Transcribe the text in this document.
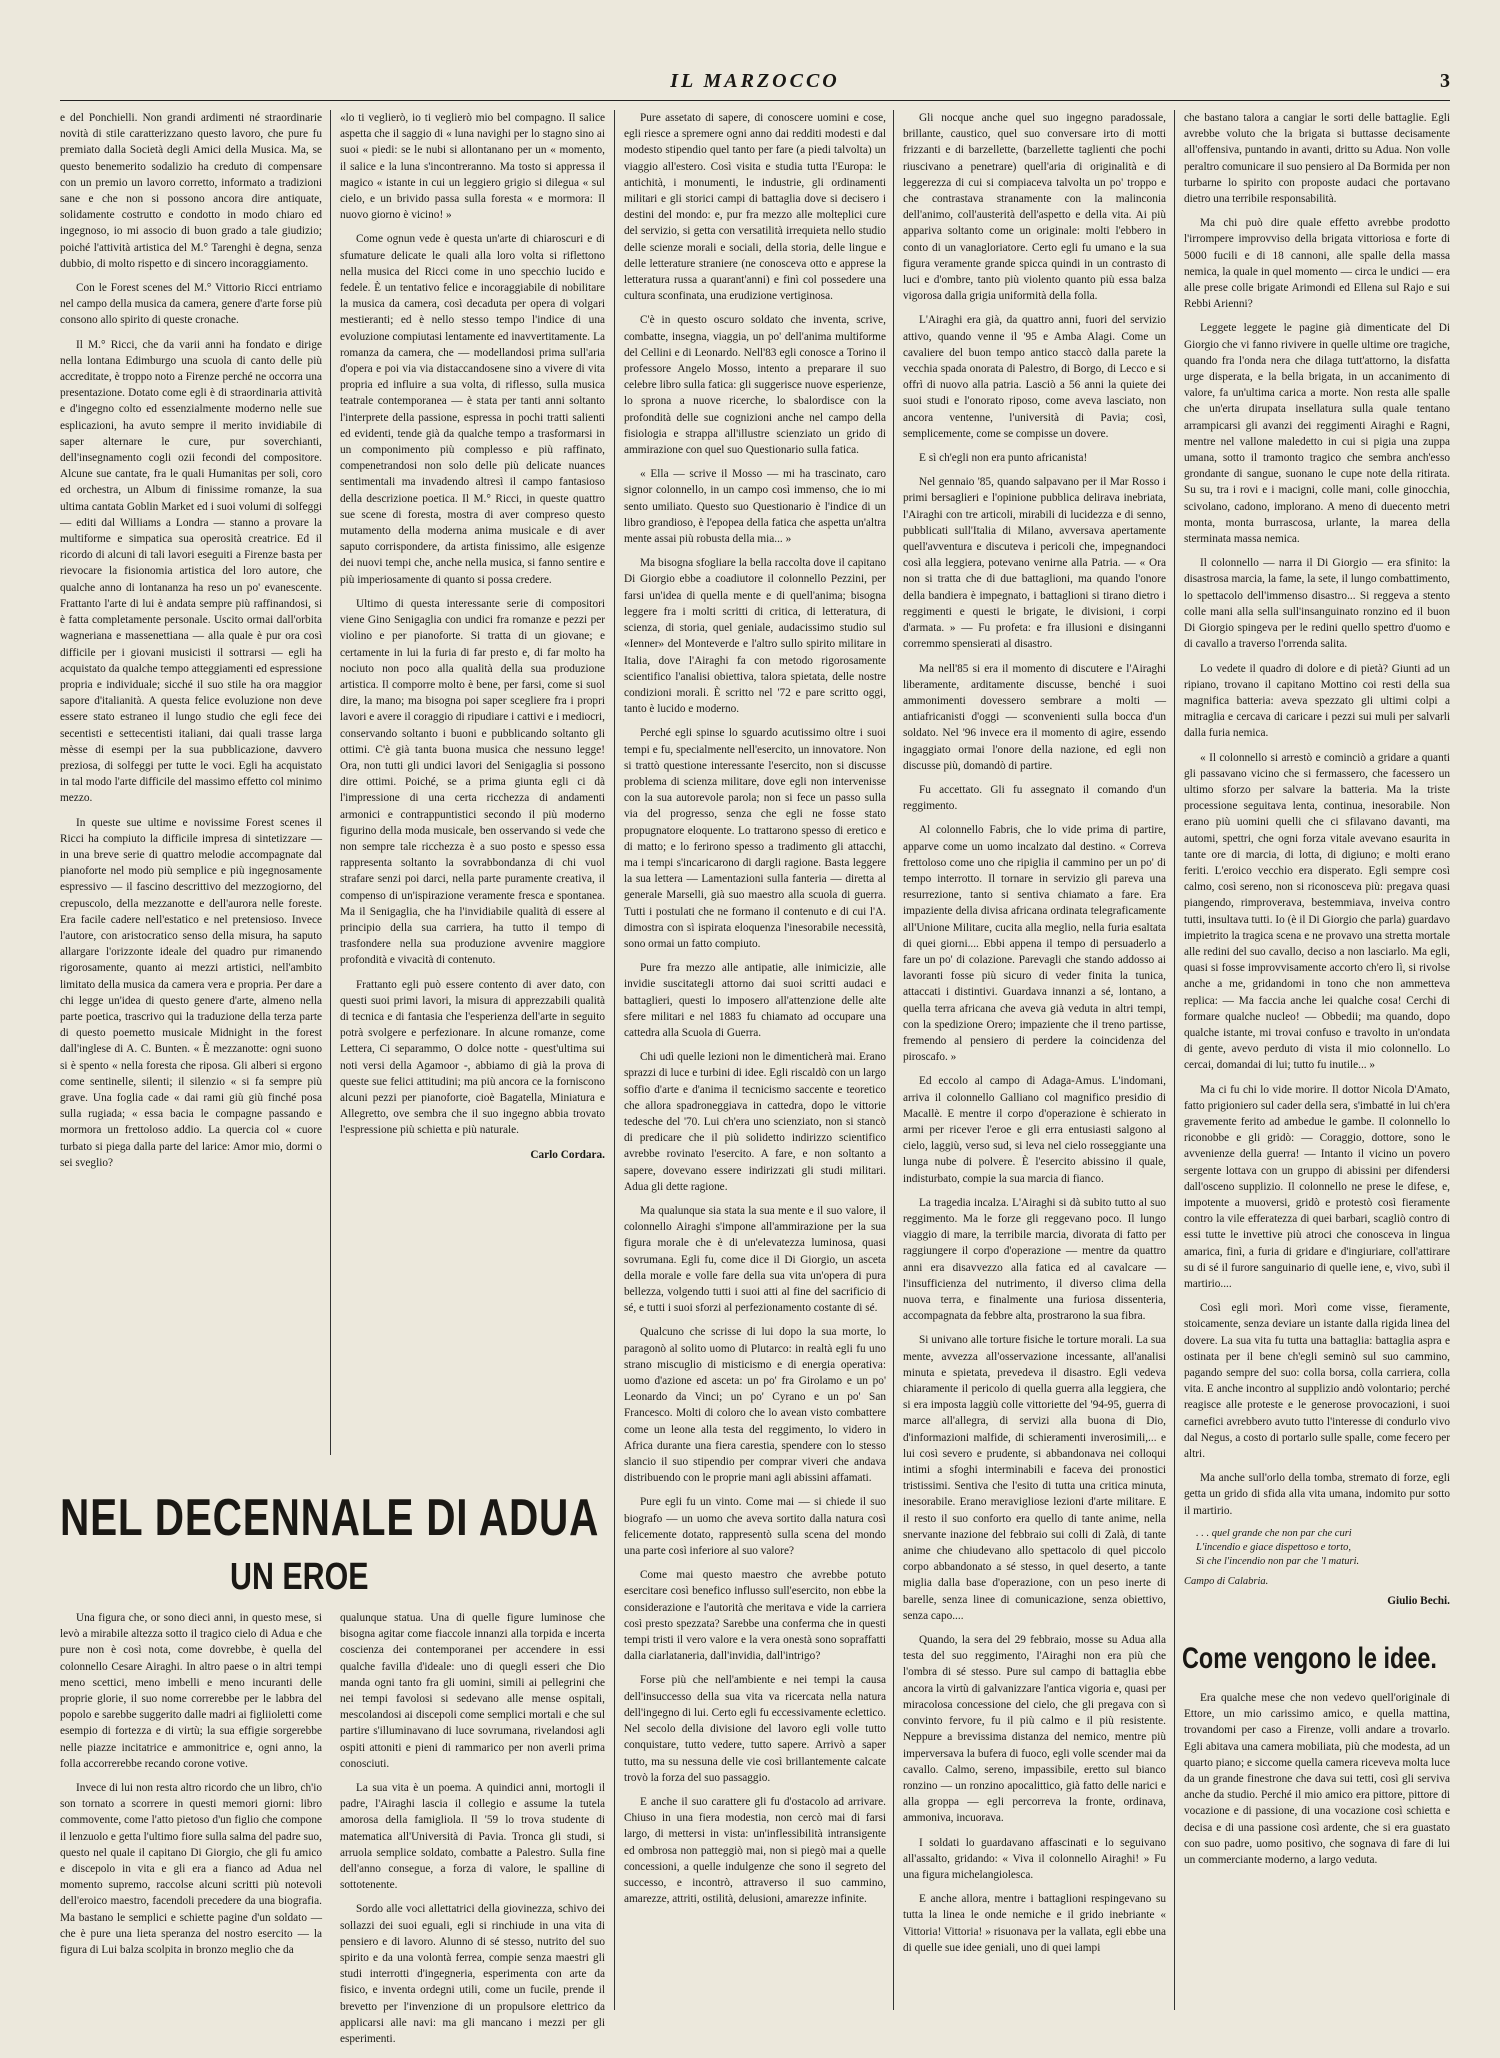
IL MARZOCCO	3

e del Ponchielli. Non grandi ardimenti né straordinarie novità di stile caratterizzano questo lavoro, che pure fu premiato dalla Società degli Amici della Musica. Ma, se questo benemerito sodalizio ha creduto di compensare con un premio un lavoro corretto, informato a tradizioni sane e che non si possono ancora dire antiquate, solidamente costrutto e condotto in modo chiaro ed ingegnoso, io mi associo di buon grado a tale giudizio; poiché l'attività artistica del M.° Tarenghi è degna, senza dubbio, di molto rispetto e di sincero incoraggiamento.

Con le Forest scenes del M.° Vittorio Ricci entriamo nel campo della musica da camera, genere d'arte forse più consono allo spirito di queste cronache.

Il M.° Ricci, che da varii anni ha fondato e dirige nella lontana Edimburgo una scuola di canto delle più accreditate, è troppo noto a Firenze perché ne occorra una presentazione. Dotato come egli è di straordinaria attività e d'ingegno colto ed essenzialmente moderno nelle sue esplicazioni, ha avuto sempre il merito invidiabile di saper alternare le cure, pur soverchianti, dell'insegnamento cogli ozii fecondi del compositore. Alcune sue cantate, fra le quali Humanitas per soli, coro ed orchestra, un Album di finissime romanze, la sua ultima cantata Goblin Market ed i suoi volumi di solfeggi — editi dal Williams a Londra — stanno a provare la multiforme e simpatica sua operosità creatrice. Ed il ricordo di alcuni di tali lavori eseguiti a Firenze basta per rievocare la fisionomia artistica del loro autore, che qualche anno di lontananza ha reso un po' evanescente. Frattanto l'arte di lui è andata sempre più raffinandosi, si è fatta completamente personale. Uscito ormai dall'orbita wagneriana e massenettiana — alla quale è pur ora così difficile per i giovani musicisti il sottrarsi — egli ha acquistato da qualche tempo atteggiamenti ed espressione propria e individuale; sicché il suo stile ha ora maggior sapore d'italianità. A questa felice evoluzione non deve essere stato estraneo il lungo studio che egli fece dei secentisti e settecentisti italiani, dai quali trasse larga mèsse di esempi per la sua pubblicazione, davvero preziosa, di solfeggi per tutte le voci. Egli ha acquistato in tal modo l'arte difficile del massimo effetto col minimo mezzo.

In queste sue ultime e novissime Forest scenes il Ricci ha compiuto la difficile impresa di sintetizzare — in una breve serie di quattro melodie accompagnate dal pianoforte nel modo più semplice e più ingegnosamente espressivo — il fascino descrittivo del mezzogiorno, del crepuscolo, della mezzanotte e dell'aurora nelle foreste. Era facile cadere nell'estatico e nel pretensioso. Invece l'autore, con aristocratico senso della misura, ha saputo allargare l'orizzonte ideale del quadro pur rimanendo rigorosamente, quanto ai mezzi artistici, nell'ambito limitato della musica da camera vera e propria. Per dare a chi legge un'idea di questo genere d'arte, almeno nella parte poetica, trascrivo qui la traduzione della terza parte di questo poemetto musicale Midnight in the forest dall'inglese di A. C. Bunten. « È mezzanotte: ogni suono si è spento « nella foresta che riposa. Gli alberi si ergono come sentinelle, silenti; il silenzio « si fa sempre più grave. Una foglia cade « dai rami giù giù finché posa sulla rugiada; « essa bacia le compagne passando e mormora un frettoloso addio. La quercia col « cuore turbato si piega dalla parte del larice: Amor mio, dormi o sei sveglio?

«lo ti veglierò, io ti veglierò mio bel compagno. Il salice aspetta che il saggio di « luna navighi per lo stagno sino ai suoi « piedi: se le nubi si allontanano per un « momento, il salice e la luna s'incontreranno. Ma tosto si appressa il magico « istante in cui un leggiero grigio si dilegua « sul cielo, e un brivido passa sulla foresta « e mormora: Il nuovo giorno è vicino! »

Come ognun vede è questa un'arte di chiaroscuri e di sfumature delicate le quali alla loro volta si riflettono nella musica del Ricci come in uno specchio lucido e fedele. È un tentativo felice e incoraggiabile di nobilitare la musica da camera, così decaduta per opera di volgari mestieranti; ed è nello stesso tempo l'indice di una evoluzione compiutasi lentamente ed inavvertitamente. La romanza da camera, che — modellandosi prima sull'aria d'opera e poi via via distaccandosene sino a vivere di vita propria ed influire a sua volta, di riflesso, sulla musica teatrale contemporanea — è stata per tanti anni soltanto l'interprete della passione, espressa in pochi tratti salienti ed evidenti, tende già da qualche tempo a trasformarsi in un componimento più complesso e più raffinato, compenetrandosi non solo delle più delicate nuances sentimentali ma invadendo altresì il campo fantasioso della descrizione poetica. Il M.° Ricci, in queste quattro sue scene di foresta, mostra di aver compreso questo mutamento della moderna anima musicale e di aver saputo corrispondere, da artista finissimo, alle esigenze dei nuovi tempi che, anche nella musica, si fanno sentire e più imperiosamente di quanto si possa credere.

Ultimo di questa interessante serie di compositori viene Gino Senigaglia con undici fra romanze e pezzi per violino e per pianoforte. Si tratta di un giovane; e certamente in lui la furia di far presto e, di far molto ha nociuto non poco alla qualità della sua produzione artistica. Il comporre molto è bene, per farsi, come si suol dire, la mano; ma bisogna poi saper scegliere fra i propri lavori e avere il coraggio di ripudiare i cattivi e i mediocri, conservando soltanto i buoni e pubblicando soltanto gli ottimi. C'è già tanta buona musica che nessuno legge! Ora, non tutti gli undici lavori del Senigaglia si possono dire ottimi. Poiché, se a prima giunta egli ci dà l'impressione di una certa ricchezza di andamenti armonici e contrappuntistici secondo il più moderno figurino della moda musicale, ben osservando si vede che non sempre tale ricchezza è a suo posto e spesso essa rappresenta soltanto la sovrabbondanza di chi vuol strafare senzi poi darci, nella parte puramente creativa, il compenso di un'ispirazione veramente fresca e spontanea. Ma il Senigaglia, che ha l'invidiabile qualità di essere al principio della sua carriera, ha tutto il tempo di trasfondere nella sua produzione avvenire maggiore profondità e vivacità di contenuto.

Frattanto egli può essere contento di aver dato, con questi suoi primi lavori, la misura di apprezzabili qualità di tecnica e di fantasia che l'esperienza dell'arte in seguito potrà svolgere e perfezionare. In alcune romanze, come Lettera, Ci separammo, O dolce notte - quest'ultima sui noti versi della Agamoor -, abbiamo di già la prova di queste sue felici attitudini; ma più ancora ce la forniscono alcuni pezzi per pianoforte, cioè Bagatella, Miniatura e Allegretto, ove sembra che il suo ingegno abbia trovato l'espressione più schietta e più naturale.

Carlo Cordara.

Pure assetato di sapere, di conoscere uomini e cose, egli riesce a spremere ogni anno dai redditi modesti e dal modesto stipendio quel tanto per fare (a piedi talvolta) un viaggio all'estero. Così visita e studia tutta l'Europa: le antichità, i monumenti, le industrie, gli ordinamenti militari e gli storici campi di battaglia dove si decisero i destini del mondo: e, pur fra mezzo alle molteplici cure del servizio, si getta con versatilità irrequieta nello studio delle scienze morali e sociali, della storia, delle lingue e delle letterature straniere (ne conosceva otto e apprese la letteratura russa a quarant'anni) e finì col possedere una cultura sconfinata, una erudizione vertiginosa.

C'è in questo oscuro soldato che inventa, scrive, combatte, insegna, viaggia, un po' dell'anima multiforme del Cellini e di Leonardo. Nell'83 egli conosce a Torino il professore Angelo Mosso, intento a preparare il suo celebre libro sulla fatica: gli suggerisce nuove esperienze, lo sprona a nuove ricerche, lo sbalordisce con la profondità delle sue cognizioni anche nel campo della fisiologia e strappa all'illustre scienziato un grido di ammirazione con quel suo Questionario sulla fatica.

« Ella — scrive il Mosso — mi ha trascinato, caro signor colonnello, in un campo così immenso, che io mi sento umiliato. Questo suo Questionario è l'indice di un libro grandioso, è l'epopea della fatica che aspetta un'altra mente assai più robusta della mia... »

Ma bisogna sfogliare la bella raccolta dove il capitano Di Giorgio ebbe a coadiutore il colonnello Pezzini, per farsi un'idea di quella mente e di quell'anima; bisogna leggere fra i molti scritti di critica, di letteratura, di scienza, di storia, quel geniale, audacissimo studio sul «Ienner» del Monteverde e l'altro sullo spirito militare in Italia, dove l'Airaghi fa con metodo rigorosamente scientifico l'analisi obiettiva, talora spietata, delle nostre condizioni morali. È scritto nel '72 e pare scritto oggi, tanto è lucido e moderno.

Perché egli spinse lo sguardo acutissimo oltre i suoi tempi e fu, specialmente nell'esercito, un innovatore. Non si trattò questione interessante l'esercito, non si discusse problema di scienza militare, dove egli non intervenisse con la sua autorevole parola; non si fece un passo sulla via del progresso, senza che egli ne fosse stato propugnatore eloquente. Lo trattarono spesso di eretico e di matto; e lo ferirono spesso a tradimento gli attacchi, ma i tempi s'incaricarono di dargli ragione. Basta leggere la sua lettera — Lamentazioni sulla fanteria — diretta al generale Marselli, già suo maestro alla scuola di guerra. Tutti i postulati che ne formano il contenuto e di cui l'A. dimostra con sì ispirata eloquenza l'inesorabile necessità, sono ormai un fatto compiuto.

Pure fra mezzo alle antipatie, alle inimicizie, alle invidie suscitategli attorno dai suoi scritti audaci e battaglieri, questi lo imposero all'attenzione delle alte sfere militari e nel 1883 fu chiamato ad occupare una cattedra alla Scuola di Guerra.

Chi udì quelle lezioni non le dimenticherà mai. Erano sprazzi di luce e turbini di idee. Egli riscaldò con un largo soffio d'arte e d'anima il tecnicismo saccente e teoretico che allora spadroneggiava in cattedra, dopo le vittorie tedesche del '70. Lui ch'era uno scienziato, non si stancò di predicare che il più solidetto indirizzo scientifico avrebbe rovinato l'esercito. A fare, e non soltanto a sapere, dovevano essere indirizzati gli studi militari. Adua gli dette ragione.

Ma qualunque sia stata la sua mente e il suo valore, il colonnello Airaghi s'impone all'ammirazione per la sua figura morale che è di un'elevatezza luminosa, quasi sovrumana. Egli fu, come dice il Di Giorgio, un asceta della morale e volle fare della sua vita un'opera di pura bellezza, volgendo tutti i suoi atti al fine del sacrificio di sé, e tutti i suoi sforzi al perfezionamento costante di sé.

Qualcuno che scrisse di lui dopo la sua morte, lo paragonò al solito uomo di Plutarco: in realtà egli fu uno strano miscuglio di misticismo e di energia operativa: uomo d'azione ed asceta: un po' fra Girolamo e un po' Leonardo da Vinci; un po' Cyrano e un po' San Francesco. Molti di coloro che lo avean visto combattere come un leone alla testa del reggimento, lo videro in Africa durante una fiera carestia, spendere con lo stesso slancio il suo stipendio per comprar viveri che andava distribuendo con le proprie mani agli abissini affamati.

Pure egli fu un vinto. Come mai — si chiede il suo biografo — un uomo che aveva sortito dalla natura così felicemente dotato, rappresentò sulla scena del mondo una parte così inferiore al suo valore?

Come mai questo maestro che avrebbe potuto esercitare così benefico influsso sull'esercito, non ebbe la considerazione e l'autorità che meritava e vide la carriera così presto spezzata? Sarebbe una conferma che in questi tempi tristi il vero valore e la vera onestà sono sopraffatti dalla ciarlataneria, dall'invidia, dall'intrigo?

Forse più che nell'ambiente e nei tempi la causa dell'insuccesso della sua vita va ricercata nella natura dell'ingegno di lui. Certo egli fu eccessivamente eclettico. Nel secolo della divisione del lavoro egli volle tutto conquistare, tutto vedere, tutto sapere. Arrivò a saper tutto, ma su nessuna delle vie così brillantemente calcate trovò la forza del suo passaggio.

E anche il suo carattere gli fu d'ostacolo ad arrivare. Chiuso in una fiera modestia, non cercò mai di farsi largo, di mettersi in vista: un'inflessibilità intransigente ed ombrosa non patteggiò mai, non si piegò mai a quelle concessioni, a quelle indulgenze che sono il segreto del successo, e incontrò, attraverso il suo cammino, amarezze, attriti, ostilità, delusioni, amarezze infinite.

Gli nocque anche quel suo ingegno paradossale, brillante, caustico, quel suo conversare irto di motti frizzanti e di barzellette, (barzellette taglienti che pochi riuscivano a penetrare) quell'aria di originalità e di leggerezza di cui si compiaceva talvolta un po' troppo e che contrastava stranamente con la malinconia dell'animo, coll'austerità dell'aspetto e della vita. Ai più appariva soltanto come un originale: molti l'ebbero in conto di un vanagloriatore. Certo egli fu umano e la sua figura veramente grande spicca quindi in un contrasto di luci e d'ombre, tanto più violento quanto più essa balza vigorosa dalla grigia uniformità della folla.

L'Airaghi era già, da quattro anni, fuori del servizio attivo, quando venne il '95 e Amba Alagi. Come un cavaliere del buon tempo antico staccò dalla parete la vecchia spada onorata di Palestro, di Borgo, di Lecco e si offrì di nuovo alla patria. Lasciò a 56 anni la quiete dei suoi studi e l'onorato riposo, come aveva lasciato, non ancora ventenne, l'università di Pavia; così, semplicemente, come se compisse un dovere.

E sì ch'egli non era punto africanista!

Nel gennaio '85, quando salpavano per il Mar Rosso i primi bersaglieri e l'opinione pubblica delirava inebriata, l'Airaghi con tre articoli, mirabili di lucidezza e di senno, pubblicati sull'Italia di Milano, avversava apertamente quell'avventura e discuteva i pericoli che, impegnandoci così alla leggiera, potevano venirne alla Patria. — « Ora non si tratta che di due battaglioni, ma quando l'onore della bandiera è impegnato, i battaglioni si tirano dietro i reggimenti e questi le brigate, le divisioni, i corpi d'armata. » — Fu profeta: e fra illusioni e disinganni corremmo spensierati al disastro.

Ma nell'85 si era il momento di discutere e l'Airaghi liberamente, arditamente discusse, benché i suoi ammonimenti dovessero sembrare a molti — antiafricanisti d'oggi — sconvenienti sulla bocca d'un soldato. Nel '96 invece era il momento di agire, essendo ingaggiato ormai l'onore della nazione, ed egli non discusse più, domandò di partire.

Fu accettato. Gli fu assegnato il comando d'un reggimento.

Al colonnello Fabris, che lo vide prima di partire, apparve come un uomo incalzato dal destino. « Correva frettoloso come uno che ripiglia il cammino per un po' di tempo interrotto. Il tornare in servizio gli pareva una resurrezione, tanto si sentiva chiamato a fare. Era impaziente della divisa africana ordinata telegraficamente all'Unione Militare, cucita alla meglio, nella furia esaltata di quei giorni.... Ebbi appena il tempo di persuaderlo a fare un po' di colazione. Parevagli che stando addosso ai lavoranti fosse più sicuro di veder finita la tunica, attaccati i distintivi. Guardava innanzi a sé, lontano, a quella terra africana che aveva già veduta in altri tempi, con la spedizione Orero; impaziente che il treno partisse, fremendo al pensiero di perdere la coincidenza del piroscafo. »

Ed eccolo al campo di Adaga-Amus. L'indomani, arriva il colonnello Galliano col magnifico presidio di Macallè. E mentre il corpo d'operazione è schierato in armi per ricever l'eroe e gli erra entusiasti salgono al cielo, laggiù, verso sud, si leva nel cielo rosseggiante una lunga nube di polvere. È l'esercito abissino il quale, indisturbato, compie la sua marcia di fianco.

La tragedia incalza. L'Airaghi si dà subito tutto al suo reggimento. Ma le forze gli reggevano poco. Il lungo viaggio di mare, la terribile marcia, divorata di fatto per raggiungere il corpo d'operazione — mentre da quattro anni era disavvezzo alla fatica ed al cavalcare — l'insufficienza del nutrimento, il diverso clima della nuova terra, e finalmente una furiosa dissenteria, accompagnata da febbre alta, prostrarono la sua fibra.

Si univano alle torture fisiche le torture morali. La sua mente, avvezza all'osservazione incessante, all'analisi minuta e spietata, prevedeva il disastro. Egli vedeva chiaramente il pericolo di quella guerra alla leggiera, che si era imposta laggiù colle vittoriette del '94-95, guerra di marce all'allegra, di servizi alla buona di Dio, d'informazioni malfide, di schieramenti inverosimili,... e lui così severo e prudente, si abbandonava nei colloqui intimi a sfoghi interminabili e faceva dei pronostici tristissimi. Sentiva che l'esito di tutta una critica minuta, inesorabile. Erano meravigliose lezioni d'arte militare. E il resto il suo conforto era quello di tante anime, nella snervante inazione del febbraio sui colli di Zalà, di tante anime che chiudevano allo spettacolo di quel piccolo corpo abbandonato a sé stesso, in quel deserto, a tante miglia dalla base d'operazione, con un peso inerte di barelle, senza linee di comunicazione, senza obiettivo, senza capo....

Quando, la sera del 29 febbraio, mosse su Adua alla testa del suo reggimento, l'Airaghi non era più che l'ombra di sé stesso. Pure sul campo di battaglia ebbe ancora la virtù di galvanizzare l'antica vigoria e, quasi per miracolosa concessione del cielo, che gli pregava con sì convinto fervore, fu il più calmo e il più resistente. Neppure a brevissima distanza del nemico, mentre più imperversava la bufera di fuoco, egli volle scender mai da cavallo. Calmo, sereno, impassibile, eretto sul bianco ronzino — un ronzino apocalittico, già fatto delle narici e alla groppa — egli percorreva la fronte, ordinava, ammoniva, incuorava.

I soldati lo guardavano affascinati e lo seguivano all'assalto, gridando: « Viva il colonnello Airaghi! » Fu una figura michelangiolesca.

E anche allora, mentre i battaglioni respingevano su tutta la linea le onde nemiche e il grido inebriante « Vittoria! Vittoria! » risuonava per la vallata, egli ebbe una di quelle sue idee geniali, uno di quei lampi

che bastano talora a cangiar le sorti delle battaglie. Egli avrebbe voluto che la brigata si buttasse decisamente all'offensiva, puntando in avanti, dritto su Adua. Non volle peraltro comunicare il suo pensiero al Da Bormida per non turbarne lo spirito con proposte audaci che portavano dietro una terribile responsabilità.

Ma chi può dire quale effetto avrebbe prodotto l'irrompere improvviso della brigata vittoriosa e forte di 5000 fucili e di 18 cannoni, alle spalle della massa nemica, la quale in quel momento — circa le undici — era alle prese colle brigate Arimondi ed Ellena sul Rajo e sui Rebbi Arienni?

Leggete leggete le pagine già dimenticate del Di Giorgio che vi fanno rivivere in quelle ultime ore tragiche, quando fra l'onda nera che dilaga tutt'attorno, la disfatta urge disperata, e la bella brigata, in un accanimento di valore, fa un'ultima carica a morte. Non resta alle spalle che un'erta dirupata insellatura sulla quale tentano arrampicarsi gli avanzi dei reggimenti Airaghi e Ragni, mentre nel vallone maledetto in cui si pigia una zuppa umana, sotto il tramonto tragico che sembra anch'esso grondante di sangue, suonano le cupe note della ritirata. Su su, tra i rovi e i macigni, colle mani, colle ginocchia, scivolano, cadono, implorano. A meno di duecento metri monta, monta burrascosa, urlante, la marea della sterminata massa nemica.

Il colonnello — narra il Di Giorgio — era sfinito: la disastrosa marcia, la fame, la sete, il lungo combattimento, lo spettacolo dell'immenso disastro... Si reggeva a stento colle mani alla sella sull'insanguinato ronzino ed il buon Di Giorgio spingeva per le redini quello spettro d'uomo e di cavallo a traverso l'orrenda salita.

Lo vedete il quadro di dolore e di pietà? Giunti ad un ripiano, trovano il capitano Mottino coi resti della sua magnifica batteria: aveva spezzato gli ultimi colpi a mitraglia e cercava di caricare i pezzi sui muli per salvarli dalla furia nemica.

« Il colonnello si arrestò e cominciò a gridare a quanti gli passavano vicino che si fermassero, che facessero un ultimo sforzo per salvare la batteria. Ma la triste processione seguitava lenta, continua, inesorabile. Non erano più uomini quelli che ci sfilavano davanti, ma automi, spettri, che ogni forza vitale avevano esaurita in tante ore di marcia, di lotta, di digiuno; e molti erano feriti. L'eroico vecchio era disperato. Egli sempre così calmo, così sereno, non si riconosceva più: pregava quasi piangendo, rimproverava, bestemmiava, inveiva contro tutti, insultava tutti. Io (è il Di Giorgio che parla) guardavo impietrito la tragica scena e ne provavo una stretta mortale alle redini del suo cavallo, deciso a non lasciarlo. Ma egli, quasi si fosse improvvisamente accorto ch'ero lì, si rivolse anche a me, gridandomi in tono che non ammetteva replica: — Ma faccia anche lei qualche cosa! Cerchi di formare qualche nucleo! — Obbedii; ma quando, dopo qualche istante, mi trovai confuso e travolto in un'ondata di gente, avevo perduto di vista il mio colonnello. Lo cercai, domandai di lui; tutto fu inutile... »

Ma ci fu chi lo vide morire. Il dottor Nicola D'Amato, fatto prigioniero sul cader della sera, s'imbatté in lui ch'era gravemente ferito ad ambedue le gambe. Il colonnello lo riconobbe e gli gridò: — Coraggio, dottore, sono le avvenienze della guerra! — Intanto il vicino un povero sergente lottava con un gruppo di abissini per difendersi dall'osceno supplizio. Il colonnello ne prese le difese, e, impotente a muoversi, gridò e protestò così fieramente contro la vile efferatezza di quei barbari, scagliò contro di essi tutte le invettive più atroci che conosceva in lingua amarica, finì, a furia di gridare e d'ingiuriare, coll'attirare su di sé il furore sanguinario di quelle iene, e, vivo, subì il martirio....

Così egli morì. Morì come visse, fieramente, stoicamente, senza deviare un istante dalla rigida linea del dovere. La sua vita fu tutta una battaglia: battaglia aspra e ostinata per il bene ch'egli seminò sul suo cammino, pagando sempre del suo: colla borsa, colla carriera, colla vita. E anche incontro al supplizio andò volontario; perché reagisce alle proteste e le generose provocazioni, i suoi carnefici avrebbero avuto tutto l'interesse di condurlo vivo dal Negus, a costo di portarlo sulle spalle, come fecero per altri.

Ma anche sull'orlo della tomba, stremato di forze, egli getta un grido di sfida alla vita umana, indomito pur sotto il martirio.

. . . quel grande che non par che curi
L'incendio e giace dispettoso e torto,
Sì che l'incendio non par che 'l maturi.
Campo di Calabria.
Giulio Bechi.
NEL DECENNALE DI ADUA
UN EROE

Una figura che, or sono dieci anni, in questo mese, si levò a mirabile altezza sotto il tragico cielo di Adua e che pure non è così nota, come dovrebbe, è quella del colonnello Cesare Airaghi. In altro paese o in altri tempi meno scettici, meno imbelli e meno incuranti delle proprie glorie, il suo nome correrebbe per le labbra del popolo e sarebbe suggerito dalle madri ai figliioletti come esempio di fortezza e di virtù; la sua effigie sorgerebbe nelle piazze incitatrice e ammonitrice e, ogni anno, la folla accorrerebbe recando corone votive.

Invece di lui non resta altro ricordo che un libro, ch'io son tornato a scorrere in questi memori giorni: libro commovente, come l'atto pietoso d'un figlio che compone il lenzuolo e getta l'ultimo fiore sulla salma del padre suo, questo nel quale il capitano Di Giorgio, che gli fu amico e discepolo in vita e gli era a fianco ad Adua nel momento supremo, raccolse alcuni scritti più notevoli dell'eroico maestro, facendoli precedere da una biografia. Ma bastano le semplici e schiette pagine d'un soldato — che è pure una lieta speranza del nostro esercito — la figura di Lui balza scolpita in bronzo meglio che da

qualunque statua. Una di quelle figure luminose che bisogna agitar come fiaccole innanzi alla torpida e incerta coscienza dei contemporanei per accendere in essi qualche favilla d'ideale: uno di quegli esseri che Dio manda ogni tanto fra gli uomini, simili ai pellegrini che nei tempi favolosi si sedevano alle mense ospitali, mescolandosi ai discepoli come semplici mortali e che sul partire s'illuminavano di luce sovrumana, rivelandosi agli ospiti attoniti e pieni di rammarico per non averli prima conosciuti.

La sua vita è un poema. A quindici anni, mortogli il padre, l'Airaghi lascia il collegio e assume la tutela amorosa della famigliola. Il '59 lo trova studente di matematica all'Università di Pavia. Tronca gli studi, si arruola semplice soldato, combatte a Palestro. Sulla fine dell'anno consegue, a forza di valore, le spalline di sottotenente.

Sordo alle voci allettatrici della giovinezza, schivo dei sollazzi dei suoi eguali, egli si rinchiude in una vita di pensiero e di lavoro. Alunno di sé stesso, nutrito del suo spirito e da una volontà ferrea, compie senza maestri gli studi interrotti d'ingegneria, esperimenta con arte da fisico, e inventa ordegni utili, come un fucile, prende il brevetto per l'invenzione di un propulsore elettrico da applicarsi alle navi: ma gli mancano i mezzi per gli esperimenti.

Come vengono le idee.

Era qualche mese che non vedevo quell'originale di Ettore, un mio carissimo amico, e quella mattina, trovandomi per caso a Firenze, volli andare a trovarlo. Egli abitava una camera mobiliata, più che modesta, ad un quarto piano; e siccome quella camera riceveva molta luce da un grande finestrone che dava sui tetti, così gli serviva anche da studio. Perché il mio amico era pittore, pittore di vocazione e di passione, di una vocazione così schietta e decisa e di una passione così ardente, che si era guastato con suo padre, uomo positivo, che sognava di fare di lui un commerciante moderno, a largo veduta.
